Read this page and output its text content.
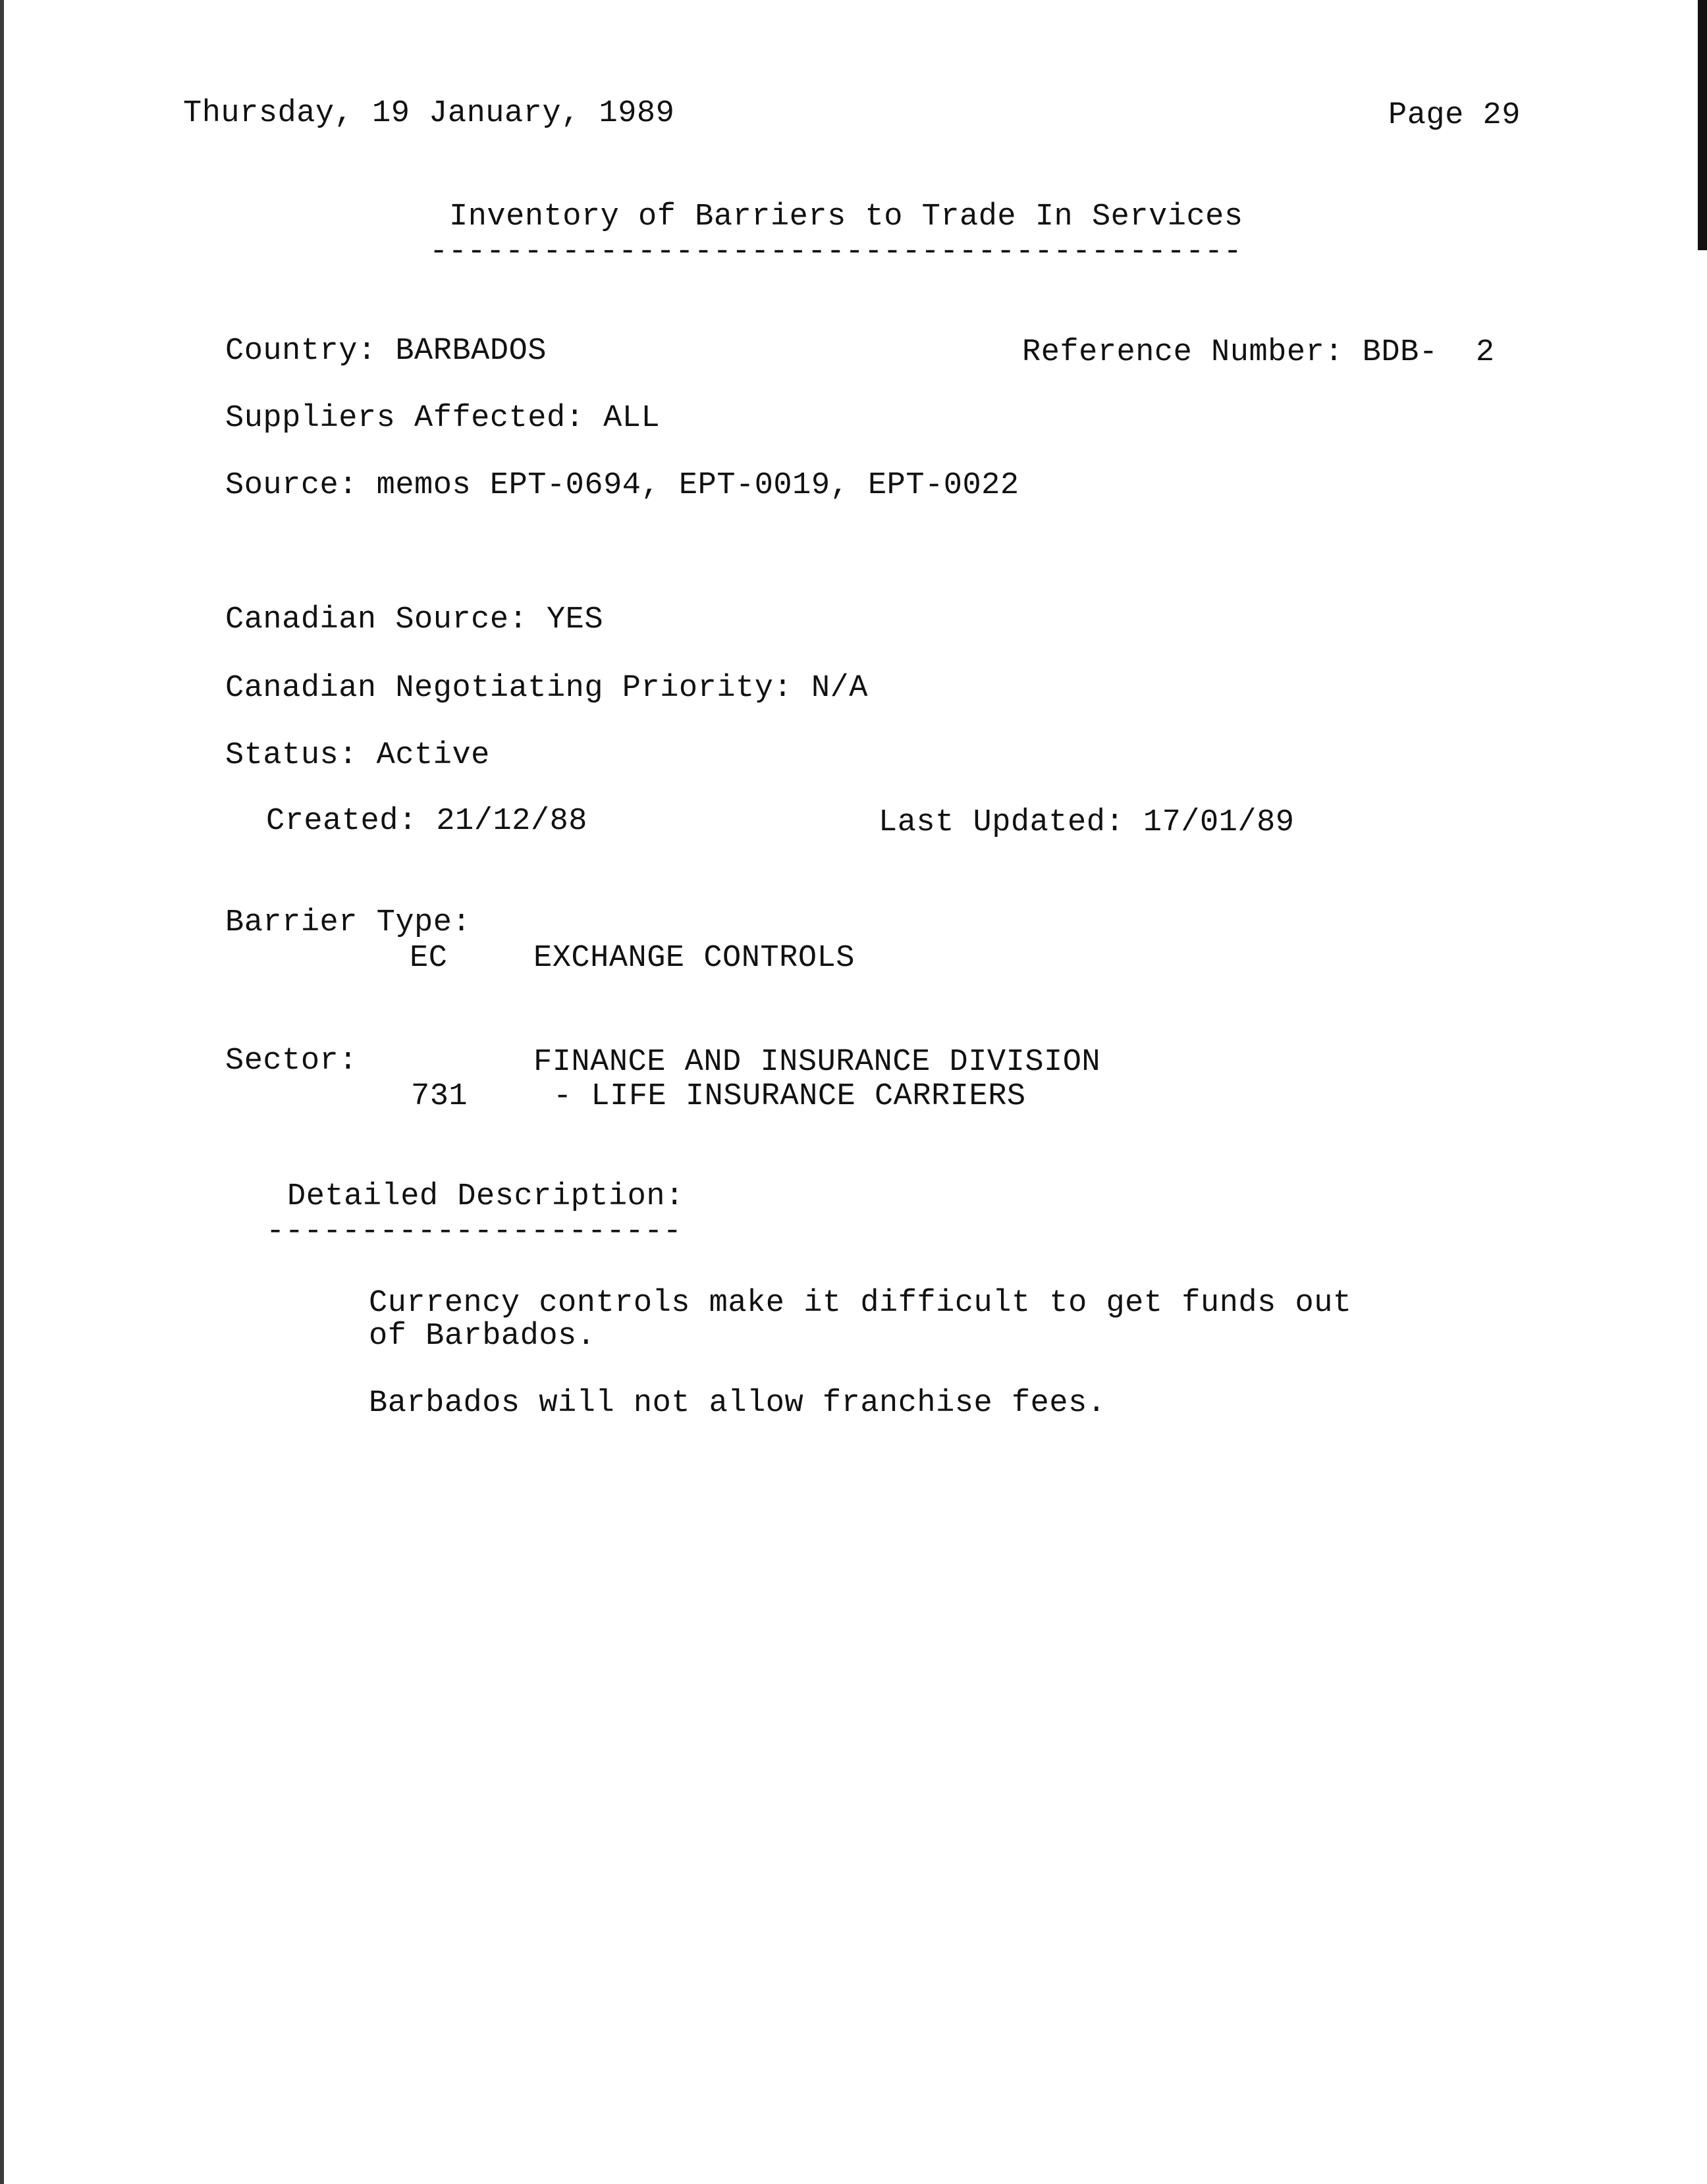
Thursday, 19 January, 1989	Page 29
Inventory of Barriers to Trade In Services
-------------------------------------------
Country: BARBADOS	Reference Number: BDB-  2
Suppliers Affected: ALL
Source: memos EPT-0694, EPT-0019, EPT-0022
Canadian Source: YES
Canadian Negotiating Priority: N/A
Status: Active
Created: 21/12/88	Last Updated: 17/01/89
Barrier Type:
EC	EXCHANGE CONTROLS
Sector:	FINANCE AND INSURANCE DIVISION
731	- LIFE INSURANCE CARRIERS
Detailed Description:
----------------------
Currency controls make it difficult to get funds out
of Barbados.
Barbados will not allow franchise fees.
